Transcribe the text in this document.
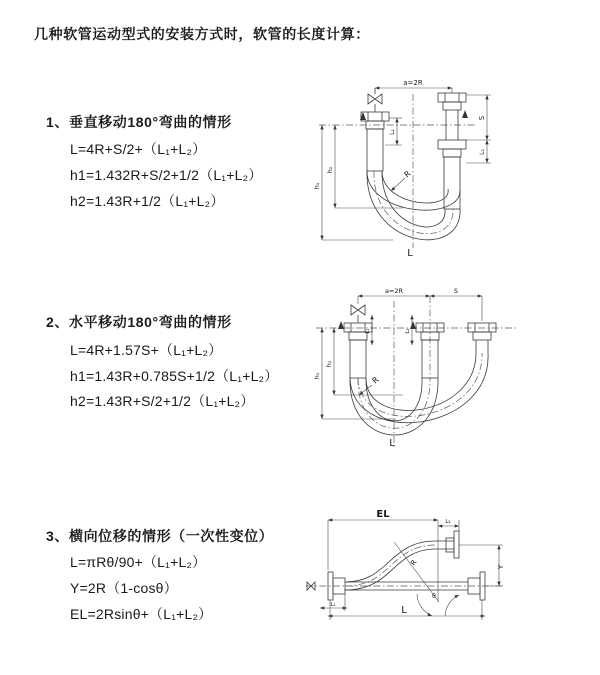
几种软管运动型式的安装方式时，软管的长度计算：
1、垂直移动180°弯曲的情形
L=4R+S/2+（L₁+L₂）
h1=1.432R+S/2+1/2（L₁+L₂）
h2=1.43R+1/2（L₁+L₂）
2、水平移动180°弯曲的情形
L=4R+1.57S+（L₁+L₂）
h1=1.43R+0.785S+1/2（L₁+L₂）
h2=1.43R+S/2+1/2（L₁+L₂）
3、横向位移的情形（一次性变位）
L=πRθ/90+（L₁+L₂）
Y=2R（1-cosθ）
EL=2Rsinθ+（L₁+L₂）
a=2R
h₁
h₂
L₁
S
L₂
R
L
a=2R	S
h₁
h₂
L₁	L₂
R
L
EL
L₂
L₁
Y
R
θ
L
